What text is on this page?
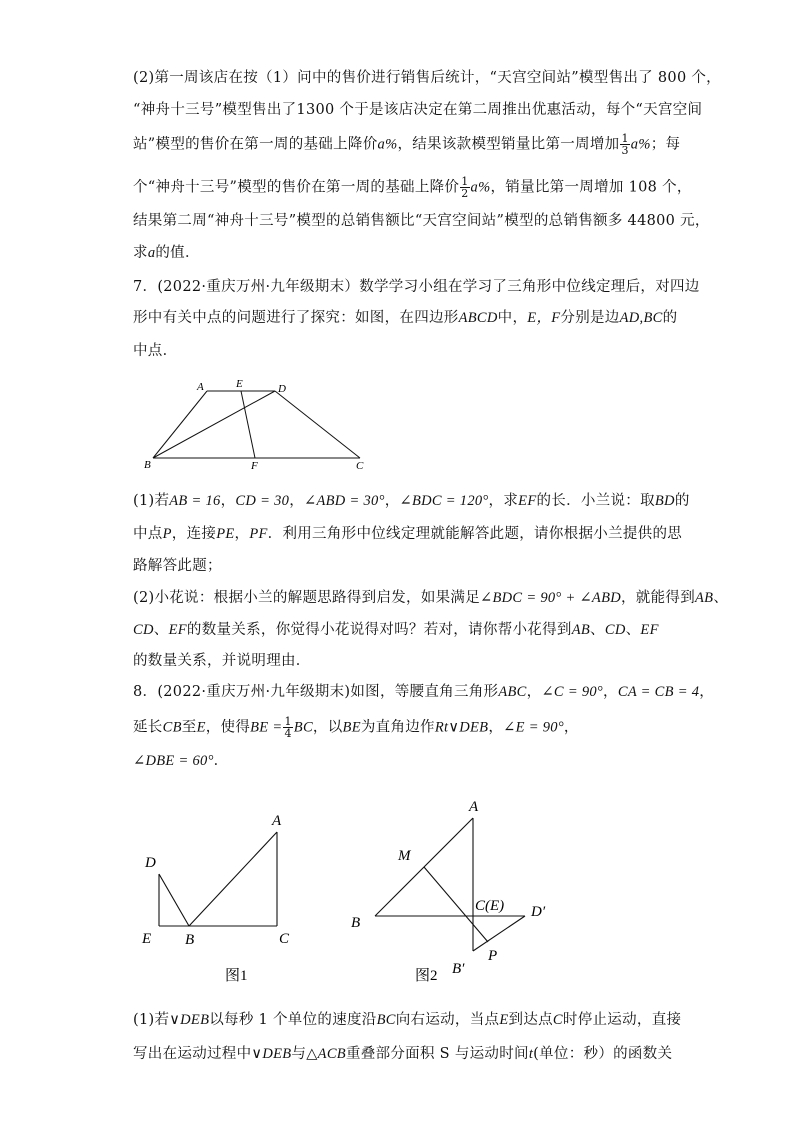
(2)第一周该店在按（1）问中的售价进行销售后统计，“天宫空间站”模型售出了 800 个，
“神舟十三号”模型售出了1300 个于是该店决定在第二周推出优惠活动，每个“天宫空间
站”模型的售价在第一周的基础上降价a%，结果该款模型销量比第一周增加 $\frac{1}{3} a\%$；每
个“神舟十三号”模型的售价在第一周的基础上降价 $\frac{1}{2} a\%$，销量比第一周增加 108 个，
结果第二周“神舟十三号”模型的总销售额比“天宫空间站”模型的总销售额多 44800 元，
求a的值．
7．(2022·重庆万州·九年级期末）数学学习小组在学习了三角形中位线定理后，对四边
形中有关中点的问题进行了探究：如图，在四边形ABCD中，E，F分别是边AD,BC的
中点．
A	E	D
B	F	C
(1)若AB = 16，CD = 30，∠ABD = 30°，∠BDC = 120°，求EF的长．小兰说：取BD的
中点P，连接PE，PF．利用三角形中位线定理就能解答此题，请你根据小兰提供的思
路解答此题；
(2)小花说：根据小兰的解题思路得到启发，如果满足∠BDC = 90° + ∠ABD，就能得到AB、
CD、EF的数量关系，你觉得小花说得对吗？若对，请你帮小花得到AB、CD、EF
的数量关系，并说明理由．
8．(2022·重庆万州·九年级期末)如图，等腰直角三角形ABC，∠C = 90°，CA = CB = 4，
延长CB至E，使得BE = $\frac{1}{4}$ BC，以BE为直角边作Rt∨DEB，∠E = 90°，
∠DBE = 60°．
A
D
E B	C
图1
A
M
B
C(E) D′
B′
P
图2
(1)若∨DEB以每秒 1 个单位的速度沿BC向右运动，当点E到达点C时停止运动，直接
写出在运动过程中∨DEB与△ACB重叠部分面积 S 与运动时间t(单位：秒）的函数关
